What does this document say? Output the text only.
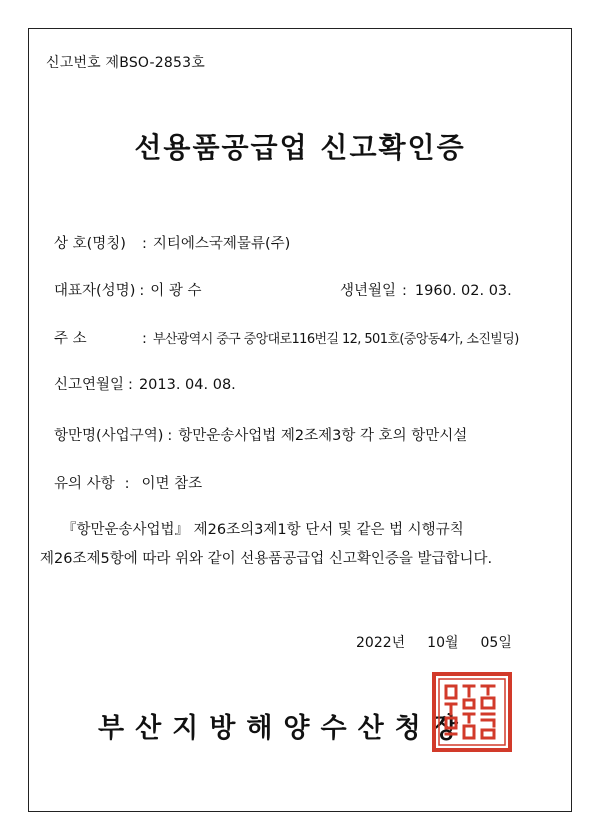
신고번호 제BSO-2853호
선용품공급업 신고확인증
상 호(명칭) : 지티에스국제물류(주)
대표자(성명) : 이 광 수	생년월일 : 1960. 02. 03.
주 소	: 부산광역시 중구 중앙대로116번길 12, 501호(중앙동4가, 소진빌딩)
신고연월일 : 2013. 04. 08.
항만명(사업구역) : 항만운송사업법 제2조제3항 각 호의 항만시설
유의 사항 : 이면 참조
『항만운송사업법』 제26조의3제1항 단서 및 같은 법 시행규칙
제26조제5항에 따라 위와 같이 선용품공급업 신고확인증을 발급합니다.
2022년 10월 05일
부산지방해양수산청장
